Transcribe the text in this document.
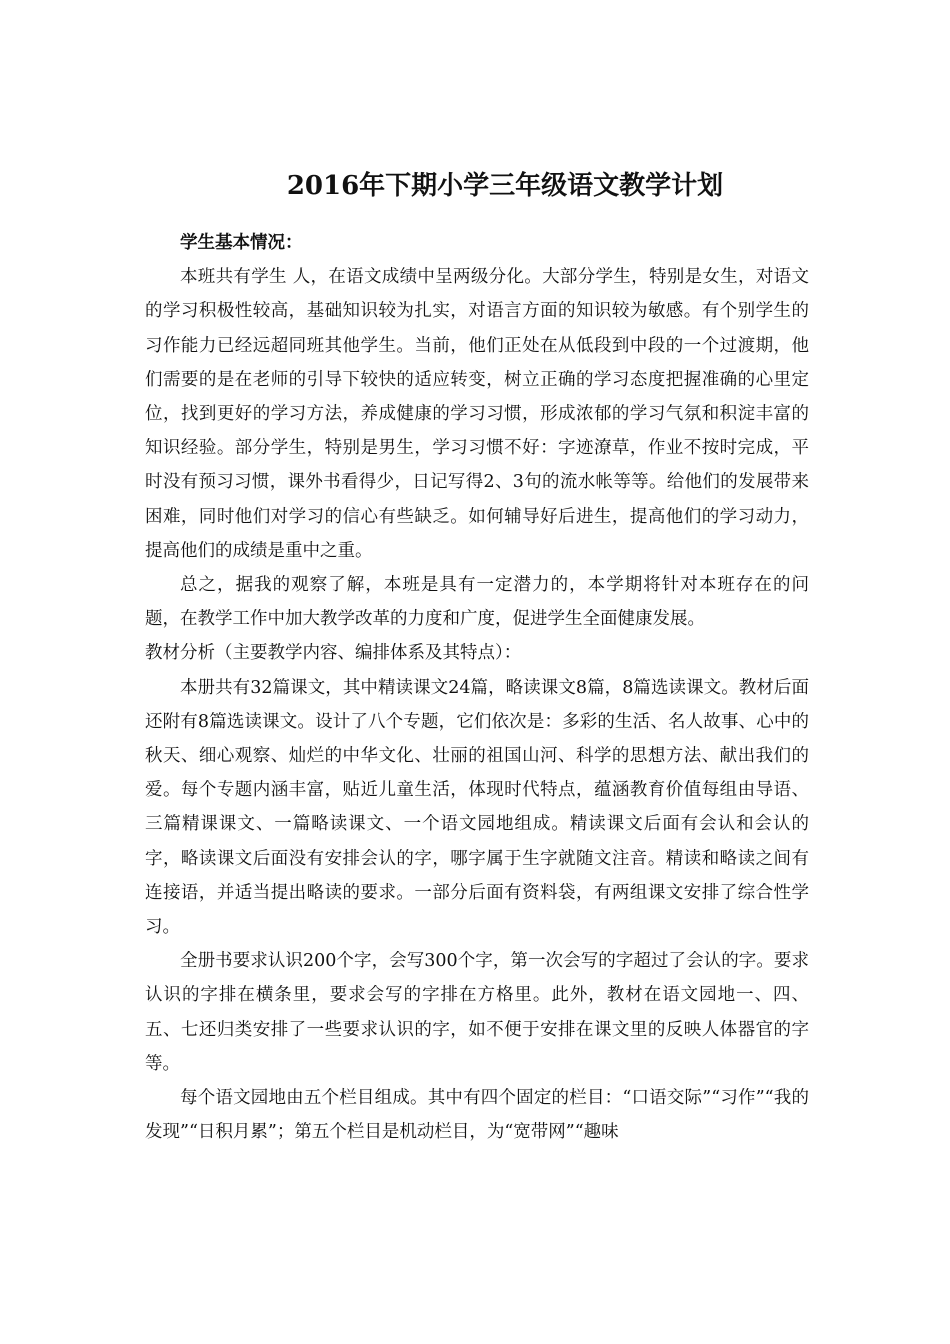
2016年下期小学三年级语文教学计划

学生基本情况：

本班共有学生 人，在语文成绩中呈两级分化。大部分学生，特别是女生，对语文的学习积极性较高，基础知识较为扎实，对语言方面的知识较为敏感。有个别学生的习作能力已经远超同班其他学生。当前，他们正处在从低段到中段的一个过渡期，他们需要的是在老师的引导下较快的适应转变，树立正确的学习态度把握准确的心里定位，找到更好的学习方法，养成健康的学习习惯，形成浓郁的学习气氛和积淀丰富的知识经验。部分学生，特别是男生，学习习惯不好：字迹潦草，作业不按时完成，平时没有预习习惯，课外书看得少，日记写得2、3句的流水帐等等。给他们的发展带来困难，同时他们对学习的信心有些缺乏。如何辅导好后进生，提高他们的学习动力，提高他们的成绩是重中之重。

总之，据我的观察了解，本班是具有一定潜力的，本学期将针对本班存在的问题，在教学工作中加大教学改革的力度和广度，促进学生全面健康发展。

教材分析（主要教学内容、编排体系及其特点）：

本册共有32篇课文，其中精读课文24篇，略读课文8篇，8篇选读课文。教材后面还附有8篇选读课文。设计了八个专题，它们依次是：多彩的生活、名人故事、心中的秋天、细心观察、灿烂的中华文化、壮丽的祖国山河、科学的思想方法、献出我们的爱。每个专题内涵丰富，贴近儿童生活，体现时代特点，蕴涵教育价值每组由导语、三篇精课课文、一篇略读课文、一个语文园地组成。精读课文后面有会认和会认的字，略读课文后面没有安排会认的字，哪字属于生字就随文注音。精读和略读之间有连接语，并适当提出略读的要求。一部分后面有资料袋，有两组课文安排了综合性学习。

全册书要求认识200个字，会写300个字，第一次会写的字超过了会认的字。要求认识的字排在横条里，要求会写的字排在方格里。此外，教材在语文园地一、四、五、七还归类安排了一些要求认识的字，如不便于安排在课文里的反映人体器官的字等。

每个语文园地由五个栏目组成。其中有四个固定的栏目：“口语交际”“习作”“我的发现”“日积月累”；第五个栏目是机动栏目，为“宽带网”“趣味
